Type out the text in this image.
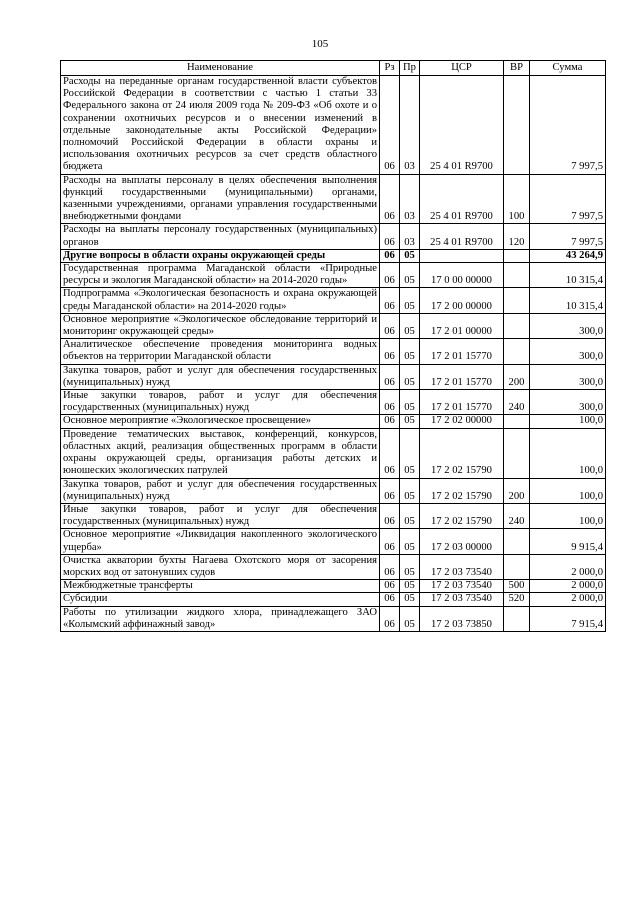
105
Наименование	Рз	Пр	ЦСР	ВР	Сумма
Расходы на переданные органам государственной власти субъектов Российской Федерации в соответствии с частью 1 статьи 33 Федерального закона от 24 июля 2009 года № 209-ФЗ «Об охоте и о сохранении охотничьих ресурсов и о внесении изменений в отдельные законодательные акты Российской Федерации» полномочий Российской Федерации в области охраны и использования охотничьих ресурсов за счет средств областного бюджета	06	03	25 4 01 R9700		7 997,5
Расходы на выплаты персоналу в целях обеспечения выполнения функций государственными (муниципальными) органами, казенными учреждениями, органами управления государственными внебюджетными фондами	06	03	25 4 01 R9700	100	7 997,5
Расходы на выплаты персоналу государственных (муниципальных) органов	06	03	25 4 01 R9700	120	7 997,5
Другие вопросы в области охраны окружающей среды	06	05			43 264,9
Государственная программа Магаданской области «Природные ресурсы и экология Магаданской области» на 2014-2020 годы»	06	05	17 0 00 00000		10 315,4
Подпрограмма «Экологическая безопасность и охрана окружающей среды Магаданской области» на 2014-2020 годы»	06	05	17 2 00 00000		10 315,4
Основное мероприятие «Экологическое обследование территорий и мониторинг окружающей среды»	06	05	17 2 01 00000		300,0
Аналитическое обеспечение проведения мониторинга водных объектов на территории Магаданской области	06	05	17 2 01 15770		300,0
Закупка товаров, работ и услуг для обеспечения государственных (муниципальных) нужд	06	05	17 2 01 15770	200	300,0
Иные закупки товаров, работ и услуг для обеспечения государственных (муниципальных) нужд	06	05	17 2 01 15770	240	300,0
Основное мероприятие «Экологическое просвещение»	06	05	17 2 02 00000		100,0
Проведение тематических выставок, конференций, конкурсов, областных акций, реализация общественных программ в области охраны окружающей среды, организация работы детских и юношеских экологических патрулей	06	05	17 2 02 15790		100,0
Закупка товаров, работ и услуг для обеспечения государственных (муниципальных) нужд	06	05	17 2 02 15790	200	100,0
Иные закупки товаров, работ и услуг для обеспечения государственных (муниципальных) нужд	06	05	17 2 02 15790	240	100,0
Основное мероприятие «Ликвидация накопленного экологического ущерба»	06	05	17 2 03 00000		9 915,4
Очистка акватории бухты Нагаева Охотского моря от засорения морских вод от затонувших судов	06	05	17 2 03 73540		2 000,0
Межбюджетные трансферты	06	05	17 2 03 73540	500	2 000,0
Субсидии	06	05	17 2 03 73540	520	2 000,0
Работы по утилизации жидкого хлора, принадлежащего ЗАО «Колымский аффинажный завод»	06	05	17 2 03 73850		7 915,4
